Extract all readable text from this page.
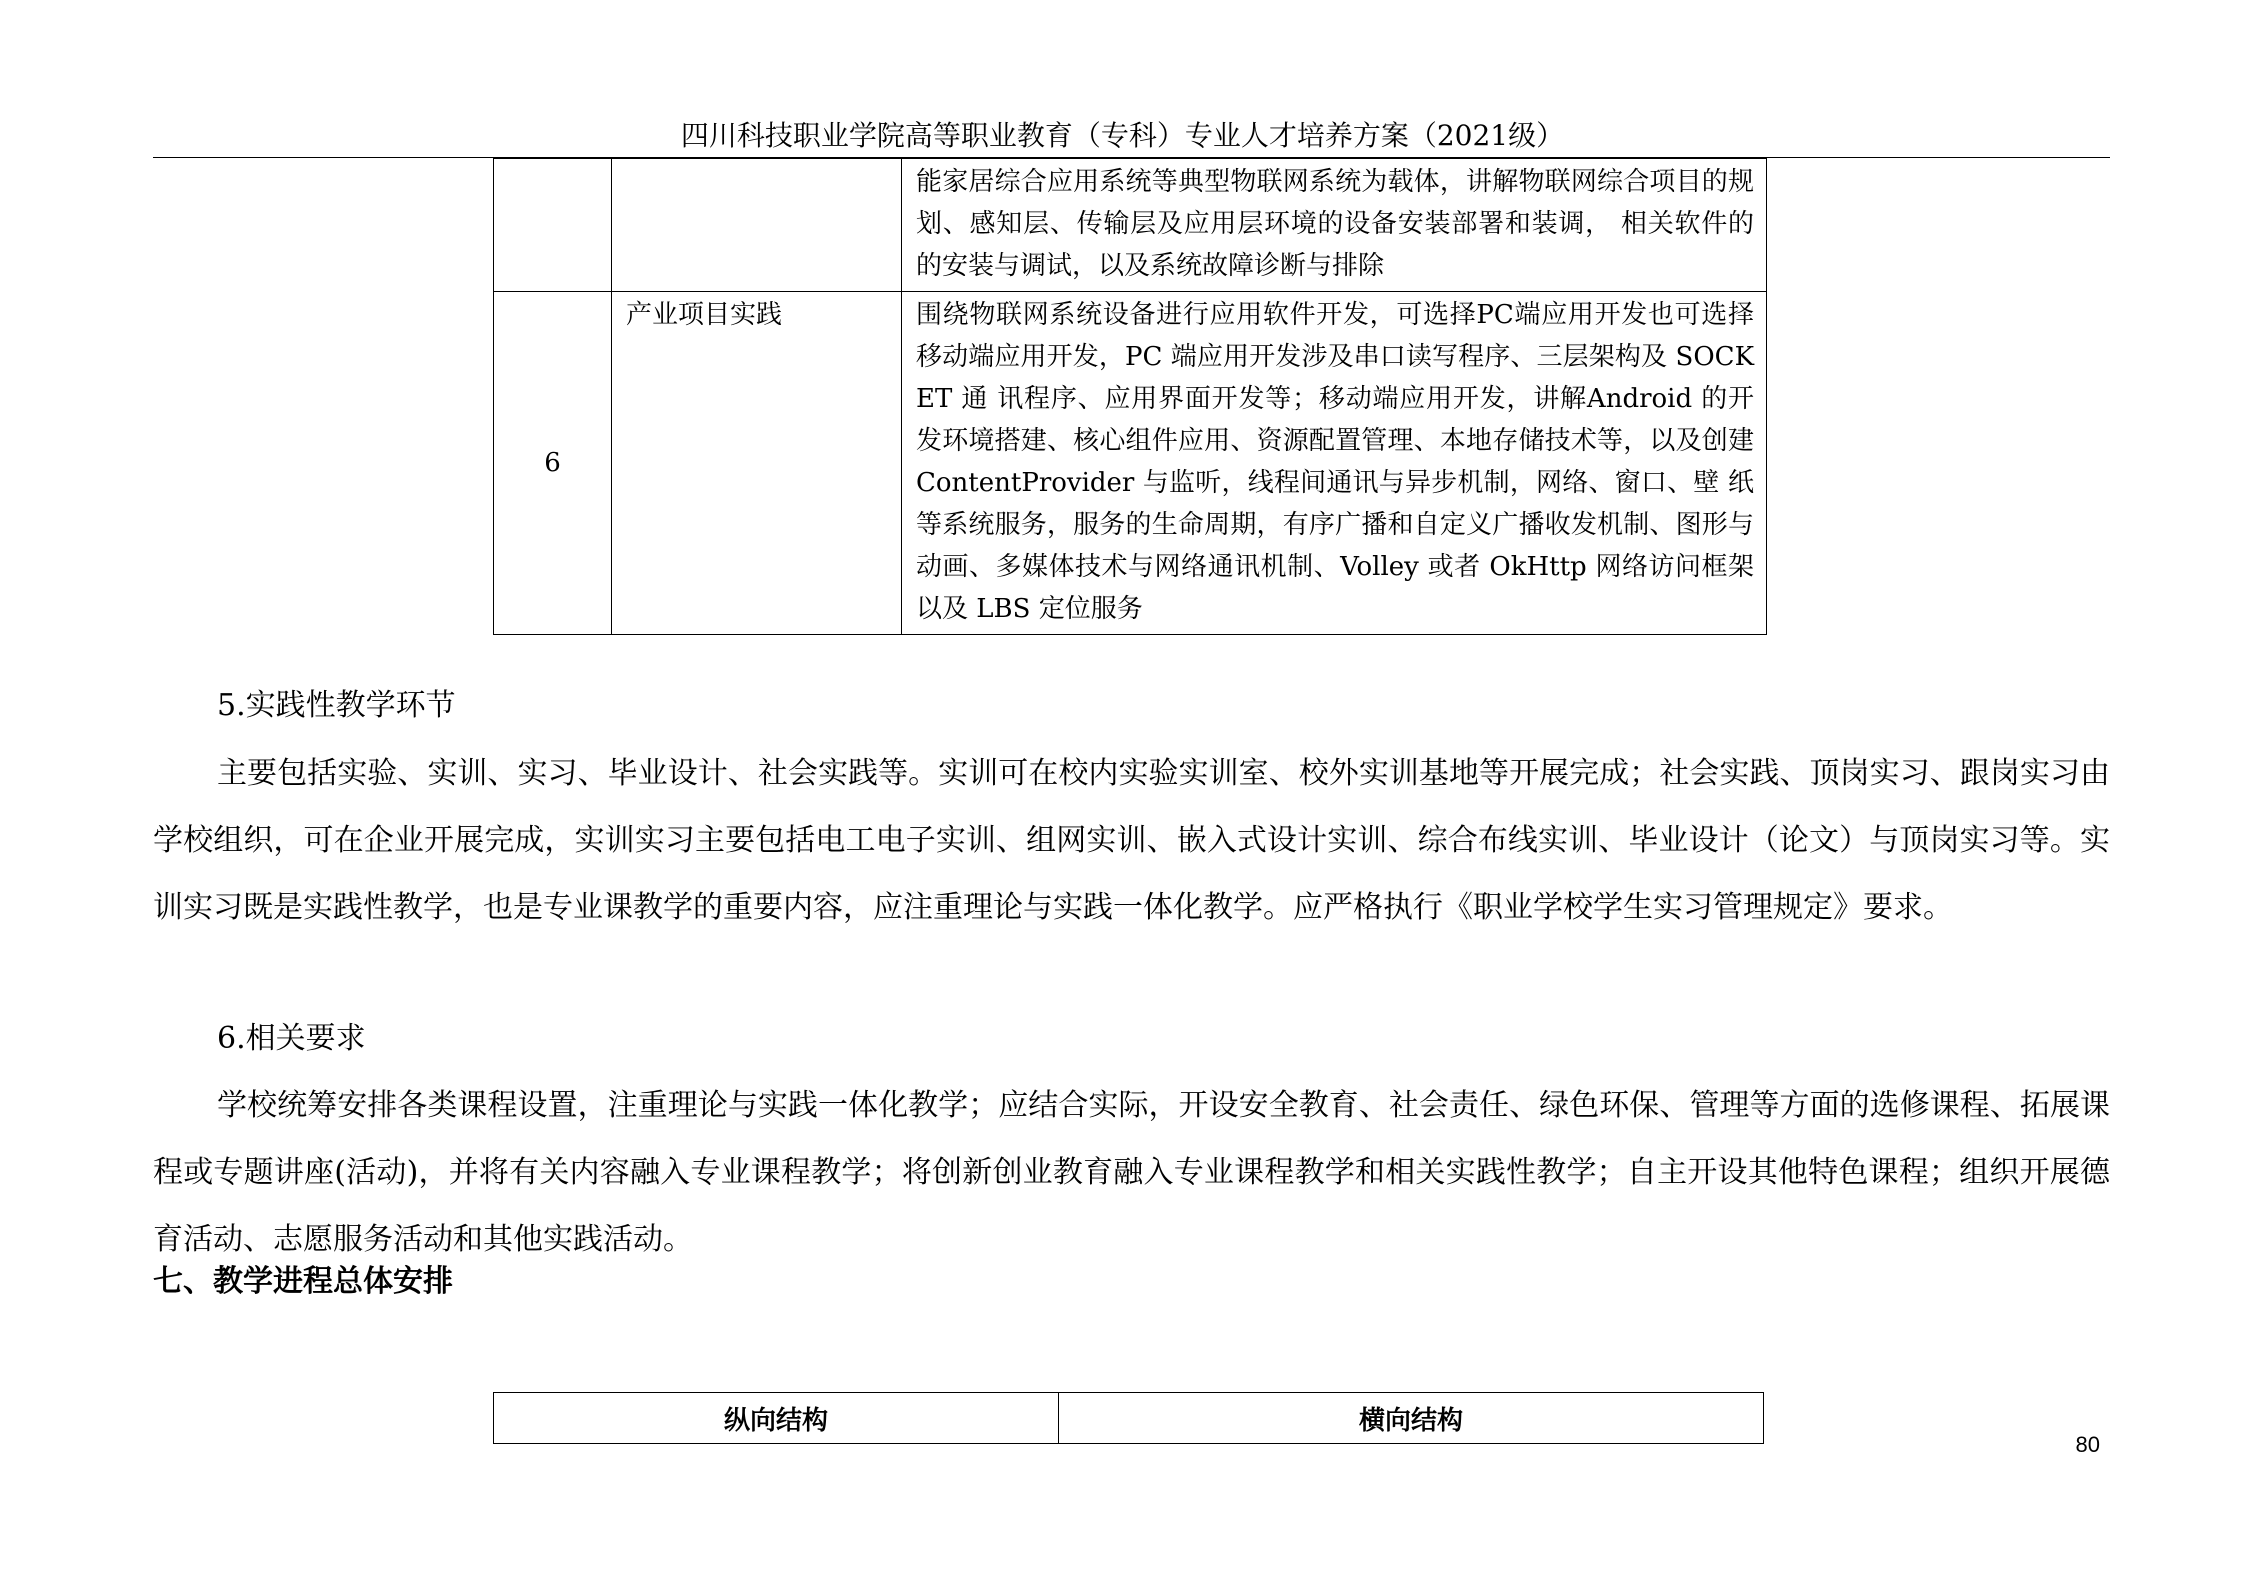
四川科技职业学院高等职业教育（专科）专业人才培养方案（2021级）
		能家居综合应用系统等典型物联网系统为载体，讲解物联网综合项目的规划、感知层、传输层及应用层环境的设备安装部署和装调， 相关软件的的安装与调试，以及系统故障诊断与排除
6	产业项目实践	围绕物联网系统设备进行应用软件开发，可选择PC端应用开发也可选择移动端应用开发，PC 端应用开发涉及串口读写程序、三层架构及 SOCKET 通 讯程序、应用界面开发等；移动端应用开发，讲解Android 的开发环境搭建、核心组件应用、资源配置管理、本地存储技术等，以及创建 ContentProvider 与监听，线程间通讯与异步机制，网络、窗口、壁 纸等系统服务，服务的生命周期，有序广播和自定义广播收发机制、图形与动画、多媒体技术与网络通讯机制、Volley 或者 OkHttp 网络访问框架以及 LBS 定位服务

5.实践性教学环节

主要包括实验、实训、实习、毕业设计、社会实践等。实训可在校内实验实训室、校外实训基地等开展完成；社会实践、顶岗实习、跟岗实习由学校组织，可在企业开展完成，实训实习主要包括电工电子实训、组网实训、嵌入式设计实训、综合布线实训、毕业设计（论文）与顶岗实习等。实训实习既是实践性教学，也是专业课教学的重要内容，应注重理论与实践一体化教学。应严格执行《职业学校学生实习管理规定》要求。

6.相关要求

学校统筹安排各类课程设置，注重理论与实践一体化教学；应结合实际，开设安全教育、社会责任、绿色环保、管理等方面的选修课程、拓展课程或专题讲座(活动)，并将有关内容融入专业课程教学；将创新创业教育融入专业课程教学和相关实践性教学；自主开设其他特色课程；组织开展德育活动、志愿服务活动和其他实践活动。

七、教学进程总体安排
纵向结构	横向结构
80
